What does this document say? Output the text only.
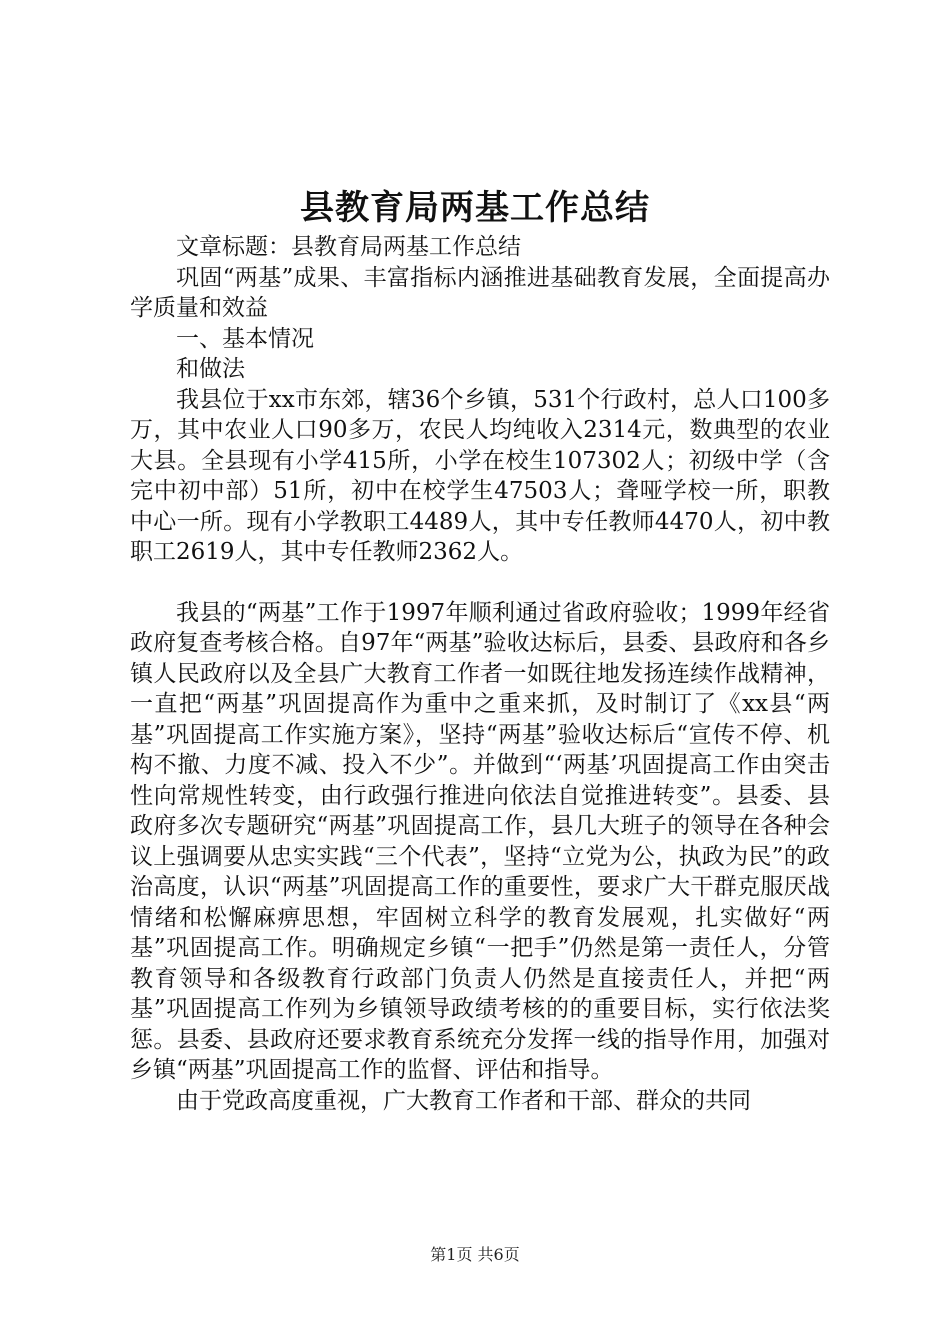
县教育局两基工作总结

文章标题：县教育局两基工作总结

巩固“两基”成果、丰富指标内涵推进基础教育发展，全面提高办学质量和效益

一、基本情况

和做法

我县位于xx市东郊，辖36个乡镇，531个行政村，总人口100多万，其中农业人口90多万，农民人均纯收入2314元，数典型的农业大县。全县现有小学415所，小学在校生107302人；初级中学（含完中初中部）51所，初中在校学生47503人；聋哑学校一所，职教中心一所。现有小学教职工4489人，其中专任教师4470人，初中教职工2619人，其中专任教师2362人。

我县的“两基”工作于1997年顺利通过省政府验收；1999年经省政府复查考核合格。自97年“两基”验收达标后，县委、县政府和各乡镇人民政府以及全县广大教育工作者一如既往地发扬连续作战精神，一直把“两基”巩固提高作为重中之重来抓，及时制订了《xx县“两基”巩固提高工作实施方案》，坚持“两基”验收达标后“宣传不停、机构不撤、力度不减、投入不少”。并做到“‘两基’巩固提高工作由突击性向常规性转变，由行政强行推进向依法自觉推进转变”。县委、县政府多次专题研究“两基”巩固提高工作，县几大班子的领导在各种会议上强调要从忠实实践“三个代表”，坚持“立党为公，执政为民”的政治高度，认识“两基”巩固提高工作的重要性，要求广大干群克服厌战情绪和松懈麻痹思想，牢固树立科学的教育发展观，扎实做好“两基”巩固提高工作。明确规定乡镇“一把手”仍然是第一责任人，分管教育领导和各级教育行政部门负责人仍然是直接责任人，并把“两基”巩固提高工作列为乡镇领导政绩考核的的重要目标，实行依法奖惩。县委、县政府还要求教育系统充分发挥一线的指导作用，加强对乡镇“两基”巩固提高工作的监督、评估和指导。

由于党政高度重视，广大教育工作者和干部、群众的共同

第1页 共6页
